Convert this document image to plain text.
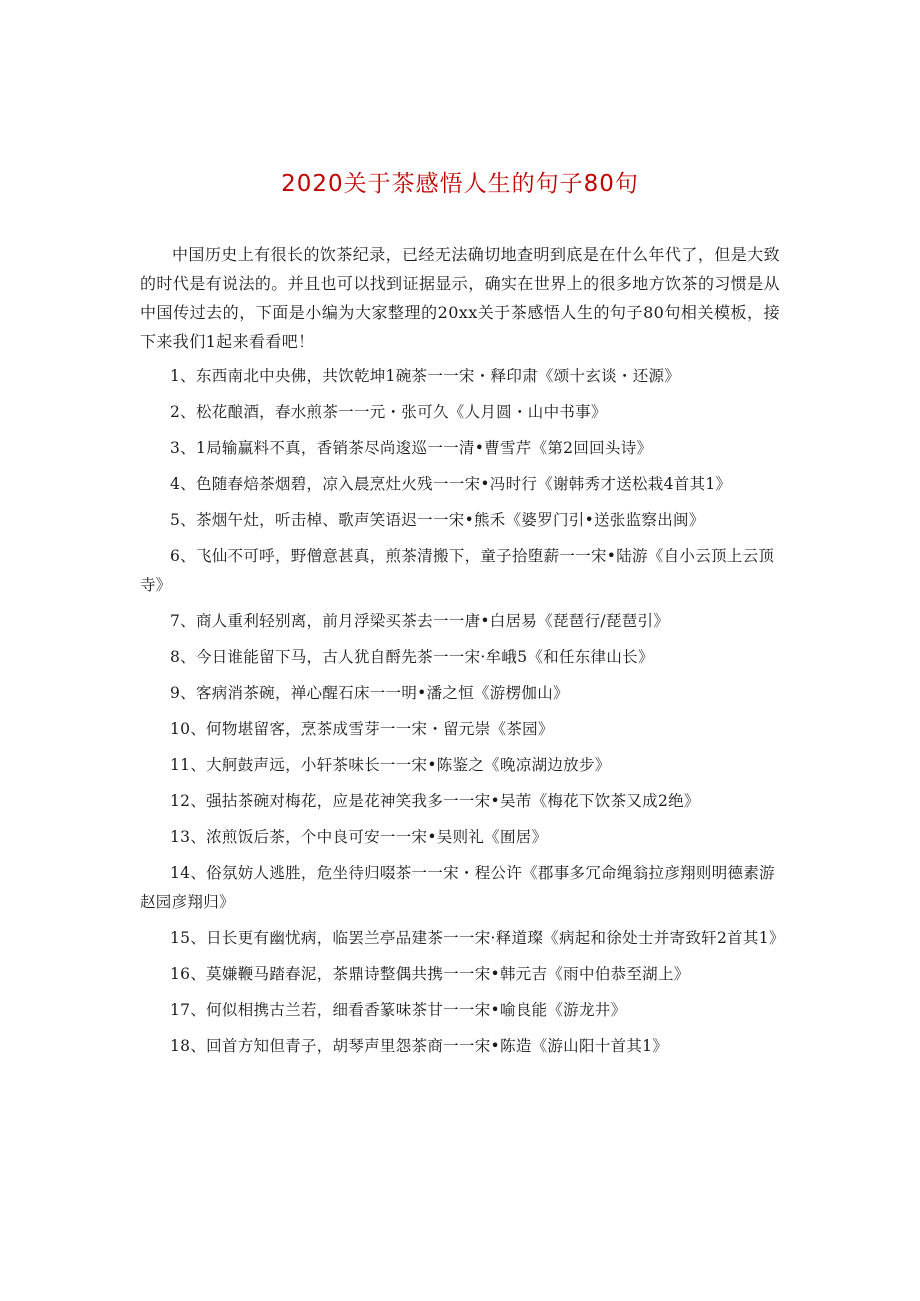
2020关于茶感悟人生的句子80句

中国历史上有很长的饮茶纪录，已经无法确切地查明到底是在什么年代了，但是大致的时代是有说法的。并且也可以找到证据显示，确实在世界上的很多地方饮茶的习惯是从中国传过去的，下面是小编为大家整理的20xx关于茶感悟人生的句子80句相关模板，接下来我们1起来看看吧！

1、东西南北中央佛，共饮乾坤1碗茶一一宋・释印肃《颂十玄谈・还源》
2、松花酿酒，春水煎茶一一元・张可久《人月圆・山中书事》
3、1局输赢料不真，香销茶尽尚逡巡一一清•曹雪芹《第2回回头诗》
4、色随春焙茶烟碧，凉入晨烹灶火残一一宋•冯时行《谢韩秀才送松栽4首其1》
5、茶烟午灶，听击棹、歌声笑语迟一一宋•熊禾《婆罗门引•送张监察出闽》
6、飞仙不可呼，野僧意甚真，煎茶清搬下，童子拾堕薪一一宋•陆游《自小云顶上云顶寺》
7、商人重利轻别离，前月浮梁买茶去一一唐•白居易《琵琶行/琵琶引》
8、今日谁能留下马，古人犹自酹先茶一一宋·牟峨5《和任东律山长》
9、客病消茶碗，禅心醒石床一一明•潘之恒《游楞伽山》
10、何物堪留客，烹茶成雪芽一一宋・留元崇《茶园》
11、大舸鼓声远，小轩茶味长一一宋•陈鉴之《晚凉湖边放步》
12、强拈茶碗对梅花，应是花神笑我多一一宋•吴芾《梅花下饮茶又成2绝》
13、浓煎饭后茶，个中良可安一一宋•吴则礼《囿居》
14、俗氛妨人逃胜，危坐待归啜茶一一宋・程公许《郡事多冗命绳翁拉彦翔则明德素游赵园彦翔归》
15、日长更有幽忧病，临罢兰亭品建茶一一宋·释道璨《病起和徐处士并寄致轩2首其1》
16、莫嫌鞭马踏春泥，茶鼎诗整偶共携一一宋•韩元吉《雨中伯恭至湖上》
17、何似相携古兰若，细看香篆味茶甘一一宋•喻良能《游龙井》
18、回首方知但青子，胡琴声里怨茶商一一宋•陈造《游山阳十首其1》
